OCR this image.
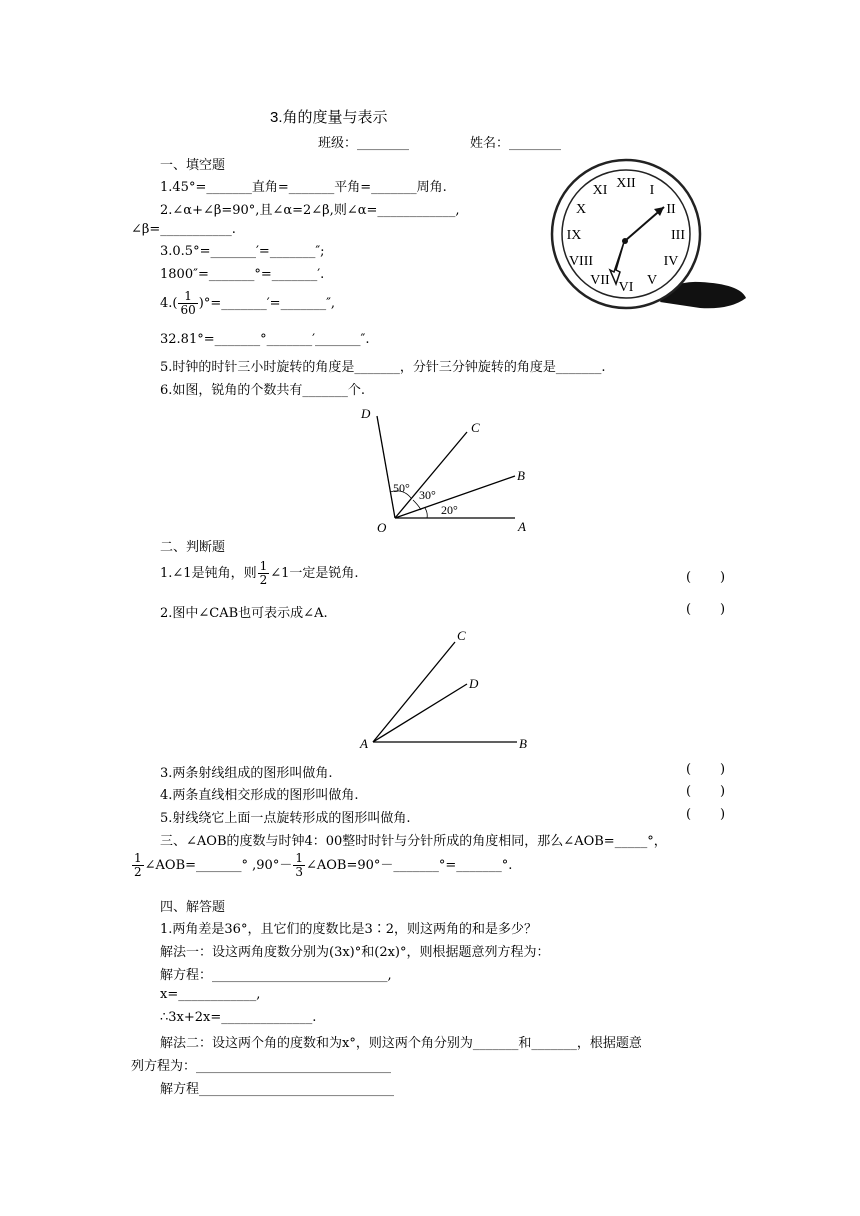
3.角的度量与表示
班级：________	姓名：________
一、填空题
1.45°=_______直角=_______平角=_______周角.
2.∠α+∠β=90°,且∠α=2∠β,则∠α=____________,
∠β=___________.
3.0.5°=_______′=_______″;
1800″=_______°=_______′.
$4.( \frac{1}{60}$ )°=_______′=_______″,
32.81°=_______°_______′_______″.
5.时钟的时针三小时旋转的角度是_______，分针三分钟旋转的角度是_______.
6.如图，锐角的个数共有_______个.
XII I
II
III
IV
V
VI
VII
VIII
IX
X
XI
D
C
B
O	A
50° 30°
20°
二、判断题
1.∠1是钝角，则 $\frac{1}{2}$ ∠1一定是锐角.	(       )
2.图中∠CAB也可表示成∠A.	(       )
C
D
A	B
3.两条射线组成的图形叫做角.	(       )
4.两条直线相交形成的图形叫做角.	(       )
5.射线绕它上面一点旋转形成的图形叫做角.	(       )
三、∠AOB的度数与时钟4：00整时时针与分针所成的角度相同，那么∠AOB=_____°，
$\frac{1}{2}$ ∠AOB=_______° $,90^\circ- \frac{1}{3}$ ∠AOB=90°－_______°=_______°.
四、解答题
1.两角差是36°，且它们的度数比是3∶2，则这两角的和是多少？
解法一：设这两角度数分别为(3x)°和(2x)°，则根据题意列方程为：
解方程：___________________________,
x=____________,
∴3x+2x=______________.
解法二：设这两个角的度数和为x°，则这两个角分别为_______和_______，根据题意
列方程为：______________________________
解方程______________________________
